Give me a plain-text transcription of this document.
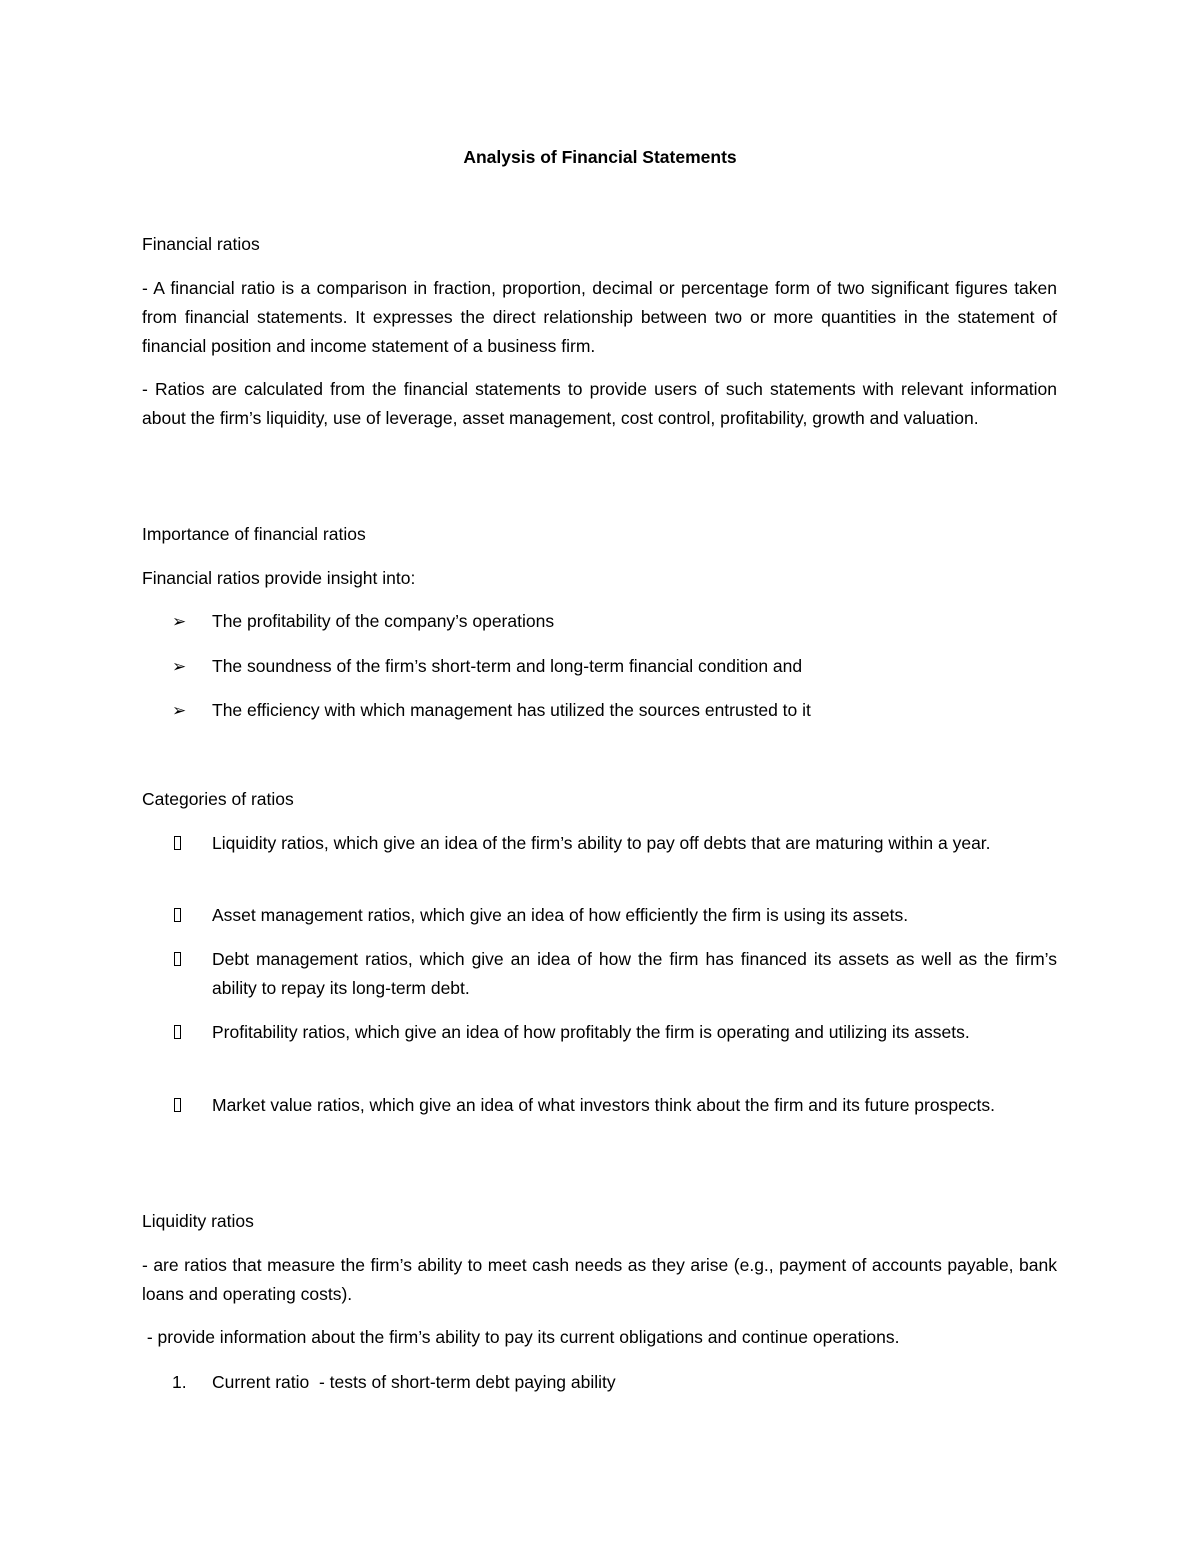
Analysis of Financial Statements
Financial ratios

- A financial ratio is a comparison in fraction, proportion, decimal or percentage form of two significant figures taken from financial statements. It expresses the direct relationship between two or more quantities in the statement of financial position and income statement of a business firm.

- Ratios are calculated from the financial statements to provide users of such statements with relevant information about the firm’s liquidity, use of leverage, asset management, cost control, profitability, growth and valuation.

Importance of financial ratios
Financial ratios provide insight into:
➢	The profitability of the company’s operations
➢	The soundness of the firm’s short-term and long-term financial condition and
➢	The efficiency with which management has utilized the sources entrusted to it
Categories of ratios
Liquidity ratios, which give an idea of the firm’s ability to pay off debts that are maturing within a year.
Asset management ratios, which give an idea of how efficiently the firm is using its assets.
Debt management ratios, which give an idea of how the firm has financed its assets as well as the firm’s ability to repay its long-term debt.
Profitability ratios, which give an idea of how profitably the firm is operating and utilizing its assets.
Market value ratios, which give an idea of what investors think about the firm and its future prospects.
Liquidity ratios

- are ratios that measure the firm’s ability to meet cash needs as they arise (e.g., payment of accounts payable, bank loans and operating costs).

- provide information about the firm’s ability to pay its current obligations and continue operations.

1.	Current ratio  - tests of short-term debt paying ability
